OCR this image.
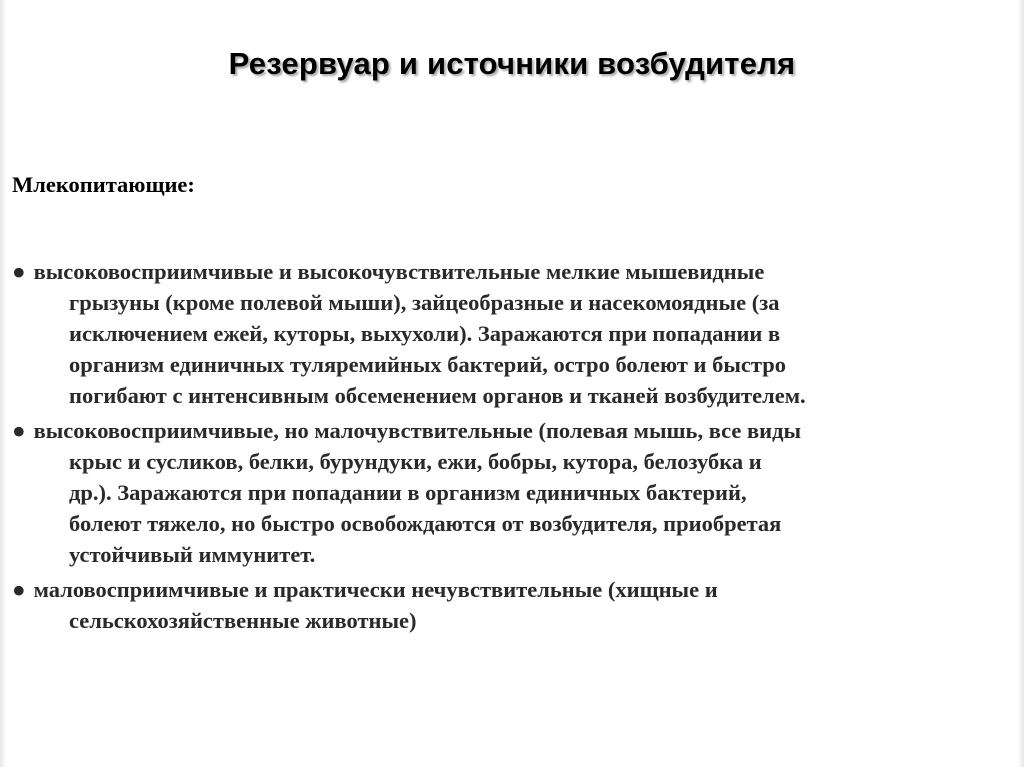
Резервуар и источники возбудителя
Млекопитающие:
● высоковосприимчивые и высокочувствительные мелкие мышевидные
грызуны (кроме полевой мыши), зайцеобразные и насекомоядные (за
исключением ежей, куторы, выхухоли). Заражаются при попадании в
организм единичных туляремийных бактерий, остро болеют и быстро
погибают с интенсивным обсеменением органов и тканей возбудителем.
● высоковосприимчивые, но малочувствительные (полевая мышь, все виды
крыс и сусликов, белки, бурундуки, ежи, бобры, кутора, белозубка и
др.). Заражаются при попадании в организм единичных бактерий,
болеют тяжело, но быстро освобождаются от возбудителя, приобретая
устойчивый иммунитет.
● маловосприимчивые и практически нечувствительные (хищные и
сельскохозяйственные животные)
